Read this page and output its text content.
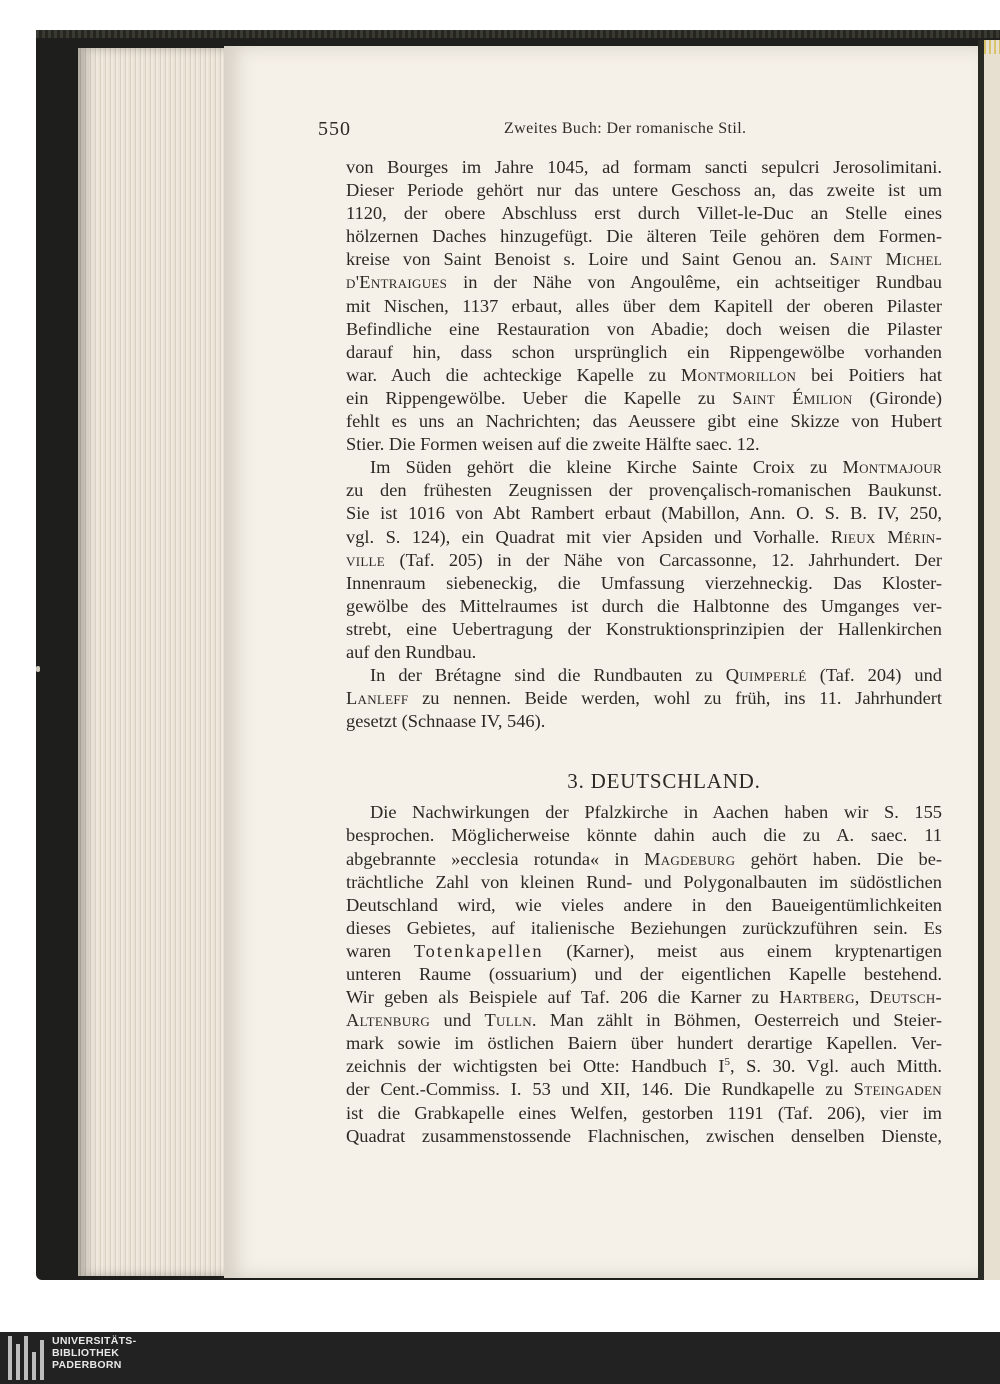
550	Zweites Buch: Der romanische Stil.
von Bourges im Jahre 1045, ad formam sancti sepulcri Jerosolimitani.
Dieser Periode gehört nur das untere Geschoss an, das zweite ist um
1120, der obere Abschluss erst durch Villet-le-Duc an Stelle eines
hölzernen Daches hinzugefügt. Die älteren Teile gehören dem Formen-
kreise von Saint Benoist s. Loire und Saint Genou an. Saint Michel
d'Entraigues in der Nähe von Angoulême, ein achtseitiger Rundbau
mit Nischen, 1137 erbaut, alles über dem Kapitell der oberen Pilaster
Befindliche eine Restauration von Abadie; doch weisen die Pilaster
darauf hin, dass schon ursprünglich ein Rippengewölbe vorhanden
war. Auch die achteckige Kapelle zu Montmorillon bei Poitiers hat
ein Rippengewölbe. Ueber die Kapelle zu Saint Émilion (Gironde)
fehlt es uns an Nachrichten; das Aeussere gibt eine Skizze von Hubert
Stier. Die Formen weisen auf die zweite Hälfte saec. 12.
Im Süden gehört die kleine Kirche Sainte Croix zu Montmajour
zu den frühesten Zeugnissen der provençalisch-romanischen Baukunst.
Sie ist 1016 von Abt Rambert erbaut (Mabillon, Ann. O. S. B. IV, 250,
vgl. S. 124), ein Quadrat mit vier Apsiden und Vorhalle. Rieux Mérin-
ville (Taf. 205) in der Nähe von Carcassonne, 12. Jahrhundert. Der
Innenraum siebeneckig, die Umfassung vierzehneckig. Das Kloster-
gewölbe des Mittelraumes ist durch die Halbtonne des Umganges ver-
strebt, eine Uebertragung der Konstruktionsprinzipien der Hallenkirchen
auf den Rundbau.
In der Brétagne sind die Rundbauten zu Quimperlé (Taf. 204) und
Lanleff zu nennen. Beide werden, wohl zu früh, ins 11. Jahrhundert
gesetzt (Schnaase IV, 546).
3. DEUTSCHLAND.
Die Nachwirkungen der Pfalzkirche in Aachen haben wir S. 155
besprochen. Möglicherweise könnte dahin auch die zu A. saec. 11
abgebrannte »ecclesia rotunda« in Magdeburg gehört haben. Die be-
trächtliche Zahl von kleinen Rund- und Polygonalbauten im südöstlichen
Deutschland wird, wie vieles andere in den Baueigentümlichkeiten
dieses Gebietes, auf italienische Beziehungen zurückzuführen sein. Es
waren Totenkapellen (Karner), meist aus einem kryptenartigen
unteren Raume (ossuarium) und der eigentlichen Kapelle bestehend.
Wir geben als Beispiele auf Taf. 206 die Karner zu Hartberg, Deutsch-
Altenburg und Tulln. Man zählt in Böhmen, Oesterreich und Steier-
mark sowie im östlichen Baiern über hundert derartige Kapellen. Ver-
zeichnis der wichtigsten bei Otte: Handbuch $I^5$, S. 30. Vgl. auch Mitth.
der Cent.-Commiss. I. 53 und XII, 146. Die Rundkapelle zu Steingaden
ist die Grabkapelle eines Welfen, gestorben 1191 (Taf. 206), vier im
Quadrat zusammenstossende Flachnischen, zwischen denselben Dienste,
UNIVERSITÄTS-
BIBLIOTHEK
PADERBORN
